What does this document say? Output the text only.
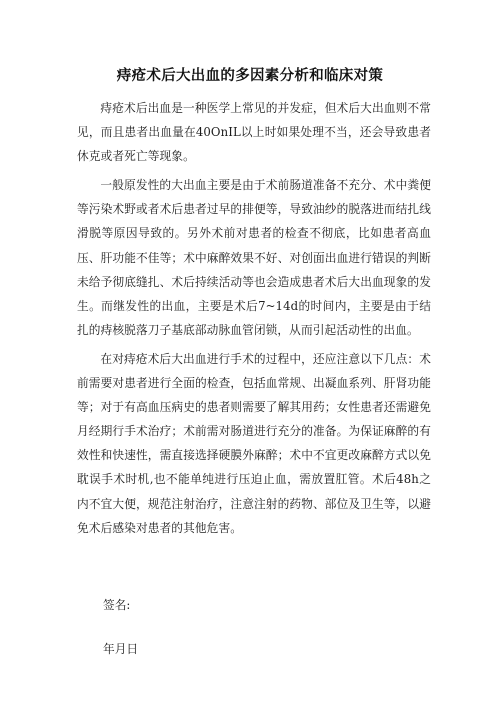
痔疮术后大出血的多因素分析和临床对策

痔疮术后出血是一种医学上常见的并发症，但术后大出血则不常见，而且患者出血量在40OnIL以上时如果处理不当，还会导致患者休克或者死亡等现象。

一般原发性的大出血主要是由于术前肠道准备不充分、术中粪便等污染术野或者术后患者过早的排便等，导致油纱的脱落进而结扎线滑脱等原因导致的。另外术前对患者的检查不彻底，比如患者高血压、肝功能不佳等；术中麻醉效果不好、对创面出血进行错误的判断未给予彻底缝扎、术后持续活动等也会造成患者术后大出血现象的发生。而继发性的出血，主要是术后7~14d的时间内，主要是由于结扎的痔核脱落刀子基底部动脉血管闭锁，从而引起活动性的出血。

在对痔疮术后大出血进行手术的过程中，还应注意以下几点：术前需要对患者进行全面的检查，包括血常规、出凝血系列、肝肾功能等；对于有高血压病史的患者则需要了解其用药；女性患者还需避免月经期行手术治疗；术前需对肠道进行充分的准备。为保证麻醉的有效性和快速性，需直接选择硬膜外麻醉；术中不宜更改麻醉方式以免耽误手术时机,也不能单纯进行压迫止血，需放置肛管。术后48h之内不宜大便，规范注射治疗，注意注射的药物、部位及卫生等，以避免术后感染对患者的其他危害。

签名:
年月日
